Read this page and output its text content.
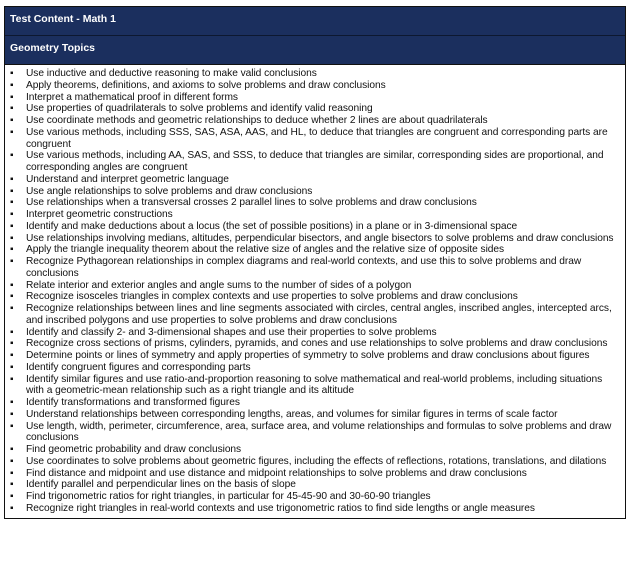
Test Content - Math 1
Geometry Topics
▪ Use inductive and deductive reasoning to make valid conclusions
▪ Apply theorems, definitions, and axioms to solve problems and draw conclusions
▪ Interpret a mathematical proof in different forms
▪ Use properties of quadrilaterals to solve problems and identify valid reasoning
▪ Use coordinate methods and geometric relationships to deduce whether 2 lines are about quadrilaterals
▪ Use various methods, including SSS, SAS, ASA, AAS, and HL, to deduce that triangles are congruent and corresponding parts are congruent
▪ Use various methods, including AA, SAS, and SSS, to deduce that triangles are similar, corresponding sides are proportional, and corresponding angles are congruent
▪ Understand and interpret geometric language
▪ Use angle relationships to solve problems and draw conclusions
▪ Use relationships when a transversal crosses 2 parallel lines to solve problems and draw conclusions
▪ Interpret geometric constructions
▪ Identify and make deductions about a locus (the set of possible positions) in a plane or in 3-dimensional space
▪ Use relationships involving medians, altitudes, perpendicular bisectors, and angle bisectors to solve problems and draw conclusions
▪ Apply the triangle inequality theorem about the relative size of angles and the relative size of opposite sides
▪ Recognize Pythagorean relationships in complex diagrams and real-world contexts, and use this to solve problems and draw conclusions
▪ Relate interior and exterior angles and angle sums to the number of sides of a polygon
▪ Recognize isosceles triangles in complex contexts and use properties to solve problems and draw conclusions
▪ Recognize relationships between lines and line segments associated with circles, central angles, inscribed angles, intercepted arcs, and inscribed polygons and use properties to solve problems and draw conclusions
▪ Identify and classify 2- and 3-dimensional shapes and use their properties to solve problems
▪ Recognize cross sections of prisms, cylinders, pyramids, and cones and use relationships to solve problems and draw conclusions
▪ Determine points or lines of symmetry and apply properties of symmetry to solve problems and draw conclusions about figures
▪ Identify congruent figures and corresponding parts
▪ Identify similar figures and use ratio-and-proportion reasoning to solve mathematical and real-world problems, including situations with a geometric-mean relationship such as a right triangle and its altitude
▪ Identify transformations and transformed figures
▪ Understand relationships between corresponding lengths, areas, and volumes for similar figures in terms of scale factor
▪ Use length, width, perimeter, circumference, area, surface area, and volume relationships and formulas to solve problems and draw conclusions
▪ Find geometric probability and draw conclusions
▪ Use coordinates to solve problems about geometric figures, including the effects of reflections, rotations, translations, and dilations
▪ Find distance and midpoint and use distance and midpoint relationships to solve problems and draw conclusions
▪ Identify parallel and perpendicular lines on the basis of slope
▪ Find trigonometric ratios for right triangles, in particular for 45-45-90 and 30-60-90 triangles
▪ Recognize right triangles in real-world contexts and use trigonometric ratios to find side lengths or angle measures
